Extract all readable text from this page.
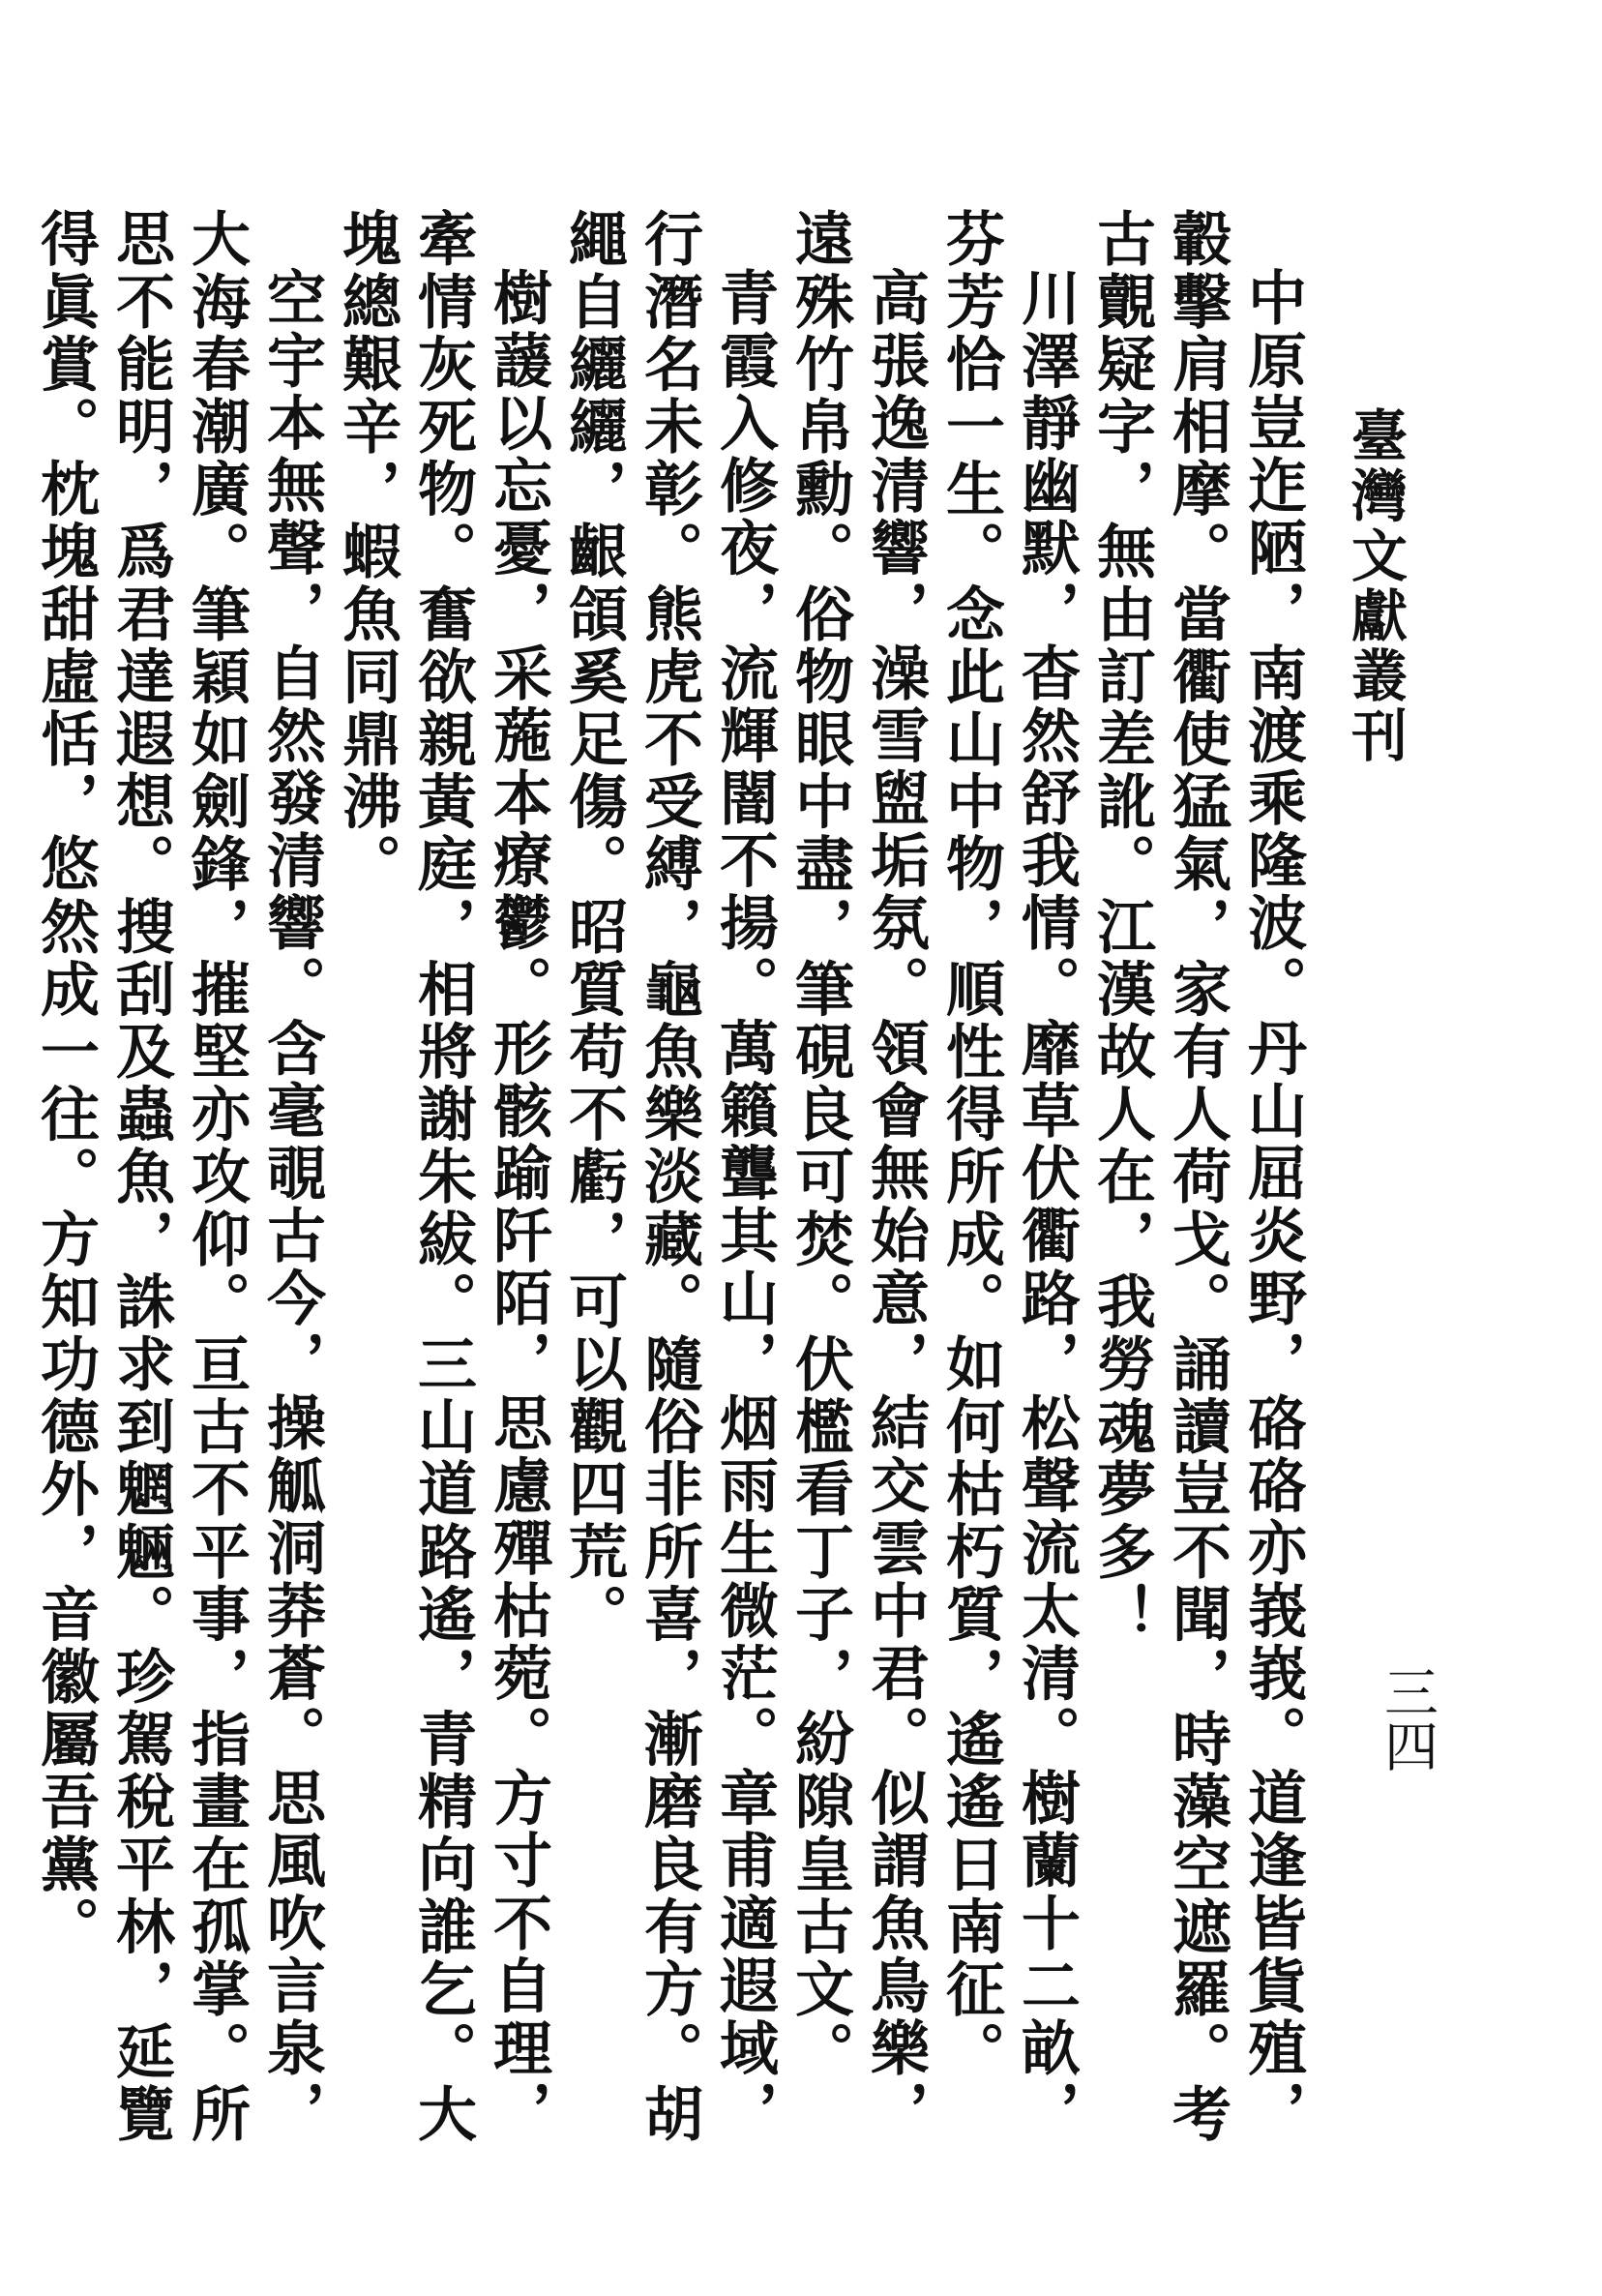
臺灣文獻叢刊
三四

中原豈迮陋，南渡乘隆波。丹山屈炎野，硌硌亦峩峩。道逢皆貨殖，轂擊肩相摩。當衢使猛氣，家有人荷戈。誦讀豈不聞，時藻空遮羅。考古覿疑字，無由訂差訛。江漢故人在，我勞魂夢多！

川澤靜幽默，杳然舒我情。靡草伏衢路，松聲流太清。樹蘭十二畝，芬芳恰一生。念此山中物，順性得所成。如何枯朽質，遙遙日南征。

高張逸清響，澡雪盥垢氛。領會無始意，結交雲中君。似謂魚鳥樂，遠殊竹帛勳。俗物眼中盡，筆硯良可焚。伏檻看丁子，紛隙皇古文。

青霞入修夜，流輝闇不揚。萬籟聾其山，烟雨生微茫。章甫適遐域，行潛名未彰。熊虎不受縛，龜魚樂淡藏。隨俗非所喜，漸磨良有方。胡繩自纚纚，齦頜奚足傷。昭質苟不虧，可以觀四荒。

樹蘐以忘憂，采葹本療鬱。形骸踰阡陌，思慮殫枯菀。方寸不自理，牽情灰死物。奮欲親黃庭，相將謝朱紱。三山道路遙，青精向誰乞。大塊總艱辛，蝦魚同鼎沸。

空宇本無聲，自然發清響。含毫覗古今，操觚洞莽蒼。思風吹言泉，大海春潮廣。筆穎如劍鋒，摧堅亦攻仰。亘古不平事，指畫在孤掌。所思不能明，爲君達遐想。搜刮及蟲魚，誅求到魍魎。珍駕稅平林，延覽得眞賞。枕塊甜虛恬，悠然成一往。方知功德外，音徽屬吾黨。
